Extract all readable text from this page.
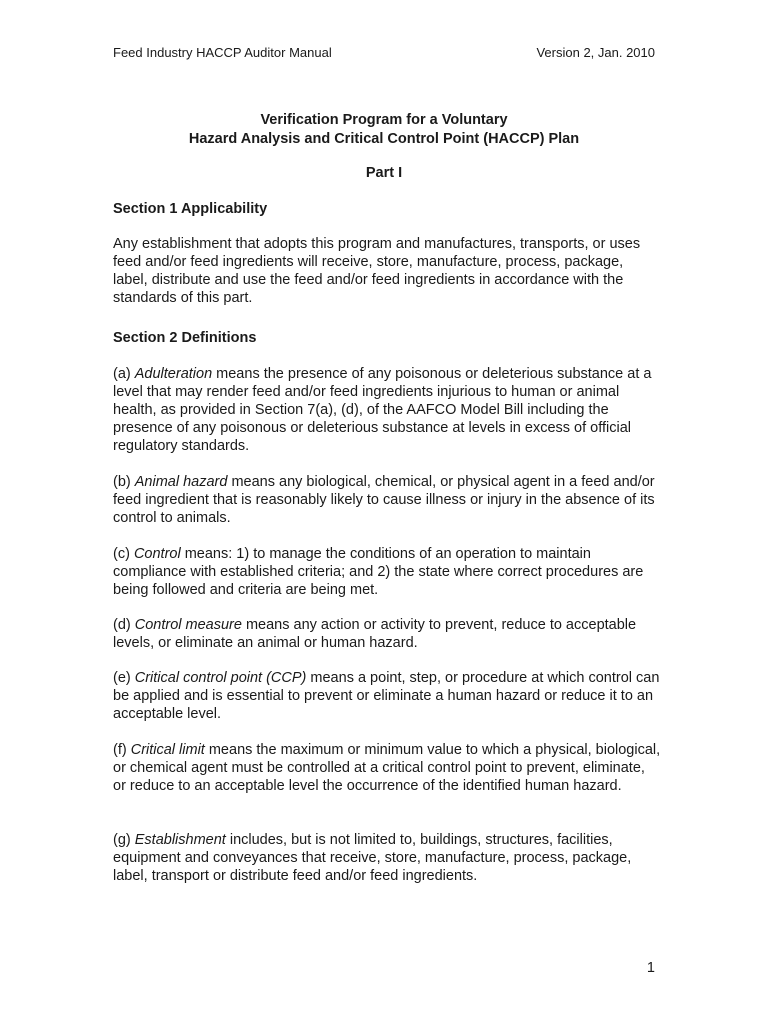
Feed Industry HACCP Auditor Manual	Version 2, Jan. 2010
Verification Program for a Voluntary
Hazard Analysis and Critical Control Point (HACCP) Plan
Part I
Section 1 Applicability
Any establishment that adopts this program and manufactures, transports, or uses feed and/or feed ingredients will receive, store, manufacture, process, package, label, distribute and use the feed and/or feed ingredients in accordance with the standards of this part.
Section 2 Definitions
(a) Adulteration means the presence of any poisonous or deleterious substance at a level that may render feed and/or feed ingredients injurious to human or animal health, as provided in Section 7(a), (d), of the AAFCO Model Bill including the presence of any poisonous or deleterious substance at levels in excess of official regulatory standards.
(b) Animal hazard means any biological, chemical, or physical agent in a feed and/or feed ingredient that is reasonably likely to cause illness or injury in the absence of its control to animals.
(c) Control means: 1) to manage the conditions of an operation to maintain compliance with established criteria; and 2) the state where correct procedures are being followed and criteria are being met.
(d) Control measure means any action or activity to prevent, reduce to acceptable levels, or eliminate an animal or human hazard.
(e) Critical control point (CCP) means a point, step, or procedure at which control can be applied and is essential to prevent or eliminate a human hazard or reduce it to an acceptable level.
(f) Critical limit means the maximum or minimum value to which a physical, biological, or chemical agent must be controlled at a critical control point to prevent, eliminate, or reduce to an acceptable level the occurrence of the identified human hazard.
(g) Establishment includes, but is not limited to, buildings, structures, facilities, equipment and conveyances that receive, store, manufacture, process, package, label, transport or distribute feed and/or feed ingredients.
1
